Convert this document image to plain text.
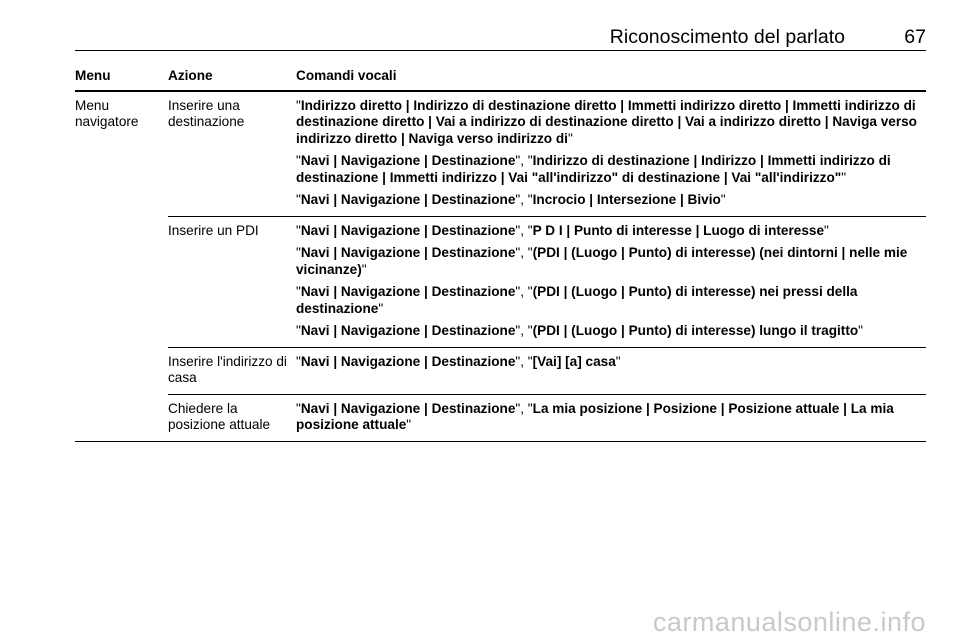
Riconoscimento del parlato	67
Menu	Azione	Comandi vocali
Menu navigatore	Inserire una destinazione	"Indirizzo diretto | Indirizzo di destinazione diretto | Immetti indirizzo diretto | Immetti indirizzo di destinazione diretto | Vai a indirizzo di destinazione diretto | Vai a indirizzo diretto | Naviga verso indirizzo diretto | Naviga verso indirizzo di"

"Navi | Navigazione | Destinazione", "Indirizzo di destinazione | Indirizzo | Immetti indirizzo di destinazione | Immetti indirizzo | Vai "all'indirizzo" di destinazione | Vai "all'indirizzo""

"Navi | Navigazione | Destinazione", "Incrocio | Intersezione | Bivio"

	Inserire un PDI	"Navi | Navigazione | Destinazione", "P D I | Punto di interesse | Luogo di interesse"

"Navi | Navigazione | Destinazione", "(PDI | (Luogo | Punto) di interesse) (nei dintorni | nelle mie vicinanze)"

"Navi | Navigazione | Destinazione", "(PDI | (Luogo | Punto) di interesse) nei pressi della destinazione"

"Navi | Navigazione | Destinazione", "(PDI | (Luogo | Punto) di interesse) lungo il tragitto"

	Inserire l'indirizzo di casa	"Navi | Navigazione | Destinazione", "[Vai] [a] casa"

	Chiedere la posizione attuale	"Navi | Navigazione | Destinazione", "La mia posizione | Posizione | Posizione attuale | La mia posizione attuale"

carmanualsonline.info
